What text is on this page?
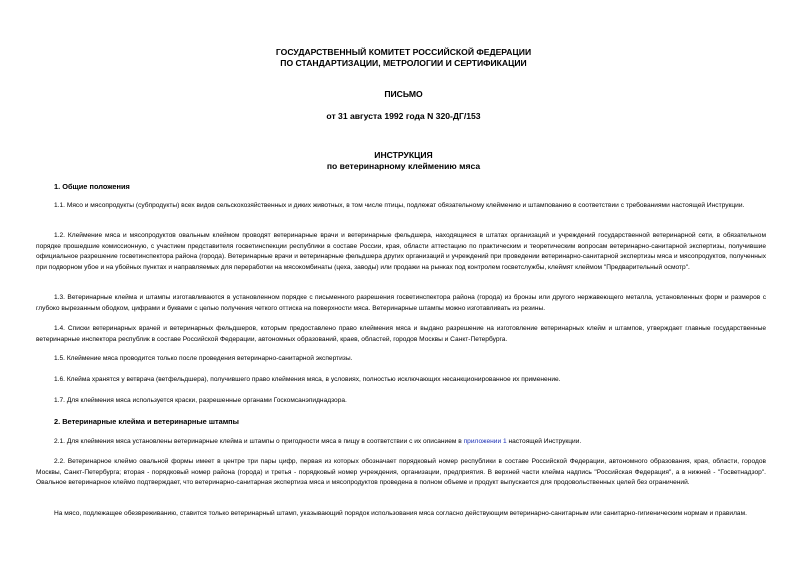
ГОСУДАРСТВЕННЫЙ КОМИТЕТ РОССИЙСКОЙ ФЕДЕРАЦИИ
ПО СТАНДАРТИЗАЦИИ, МЕТРОЛОГИИ И СЕРТИФИКАЦИИ
ПИСЬМО
от 31 августа 1992 года N 320-ДГ/153
ИНСТРУКЦИЯ
по ветеринарному клеймению мяса
1. Общие положения
1.1. Мясо и мясопродукты (субпродукты) всех видов сельскохозяйственных и диких животных, в том числе птицы, подлежат обязательному клеймению и штампованию в соответствии с требованиями настоящей Инструкции.
1.2. Клеймение мяса и мясопродуктов овальным клеймом проводят ветеринарные врачи и ветеринарные фельдшера, находящиеся в штатах организаций и учреждений государственной ветеринарной сети, в обязательном порядке прошедшие комиссионную, с участием представителя госветинспекции республики в составе России, края, области аттестацию по практическим и теоретическим вопросам ветеринарно-санитарной экспертизы, получившие официальное разрешение госветинспектора района (города). Ветеринарные врачи и ветеринарные фельдшера других организаций и учреждений при проведении ветеринарно-санитарной экспертизы мяса и мясопродуктов, полученных при подворном убое и на убойных пунктах и направляемых для переработки на мясокомбинаты (цеха, заводы) или продажи на рынках под контролем госветслужбы, клеймят клеймом "Предварительный осмотр".
1.3. Ветеринарные клейма и штампы изготавливаются в установленном порядке с письменного разрешения госветинспектора района (города) из бронзы или другого нержавеющего металла, установленных форм и размеров с глубоко вырезанным ободком, цифрами и буквами с целью получения четкого оттиска на поверхности мяса. Ветеринарные штампы можно изготавливать из резины.
1.4. Списки ветеринарных врачей и ветеринарных фельдшеров, которым предоставлено право клеймения мяса и выдано разрешение на изготовление ветеринарных клейм и штампов, утверждает главные государственные ветеринарные инспектора республик в составе Российской Федерации, автономных образований, краев, областей, городов Москвы и Санкт-Петербурга.
1.5. Клеймение мяса проводится только после проведения ветеринарно-санитарной экспертизы.
1.6. Клейма хранятся у ветврача (ветфельдшера), получившего право клеймения мяса, в условиях, полностью исключающих несанкционированное их применение.
1.7. Для клеймения мяса используется краски, разрешенные органами Госкомсанэпиднадзора.
2. Ветеринарные клейма и ветеринарные штампы
2.1. Для клеймения мяса установлены ветеринарные клейма и штампы о пригодности мяса в пищу в соответствии с их описанием в приложении 1 настоящей Инструкции.
2.2. Ветеринарное клеймо овальной формы имеет в центре три пары цифр, первая из которых обозначает порядковый номер республики в составе Российской Федерации, автономного образования, края, области, городов Москвы, Санкт-Петербурга; вторая - порядковый номер района (города) и третья - порядковый номер учреждения, организации, предприятия. В верхней части клейма надпись "Российская Федерация", а в нижней - "Госветнадзор". Овальное ветеринарное клеймо подтверждает, что ветеринарно-санитарная экспертиза мяса и мясопродуктов проведена в полном объеме и продукт выпускается для продовольственных целей без ограничений.
На мясо, подлежащее обезвреживанию, ставится только ветеринарный штамп, указывающий порядок использования мяса согласно действующим ветеринарно-санитарным или санитарно-гигиеническим нормам и правилам.
